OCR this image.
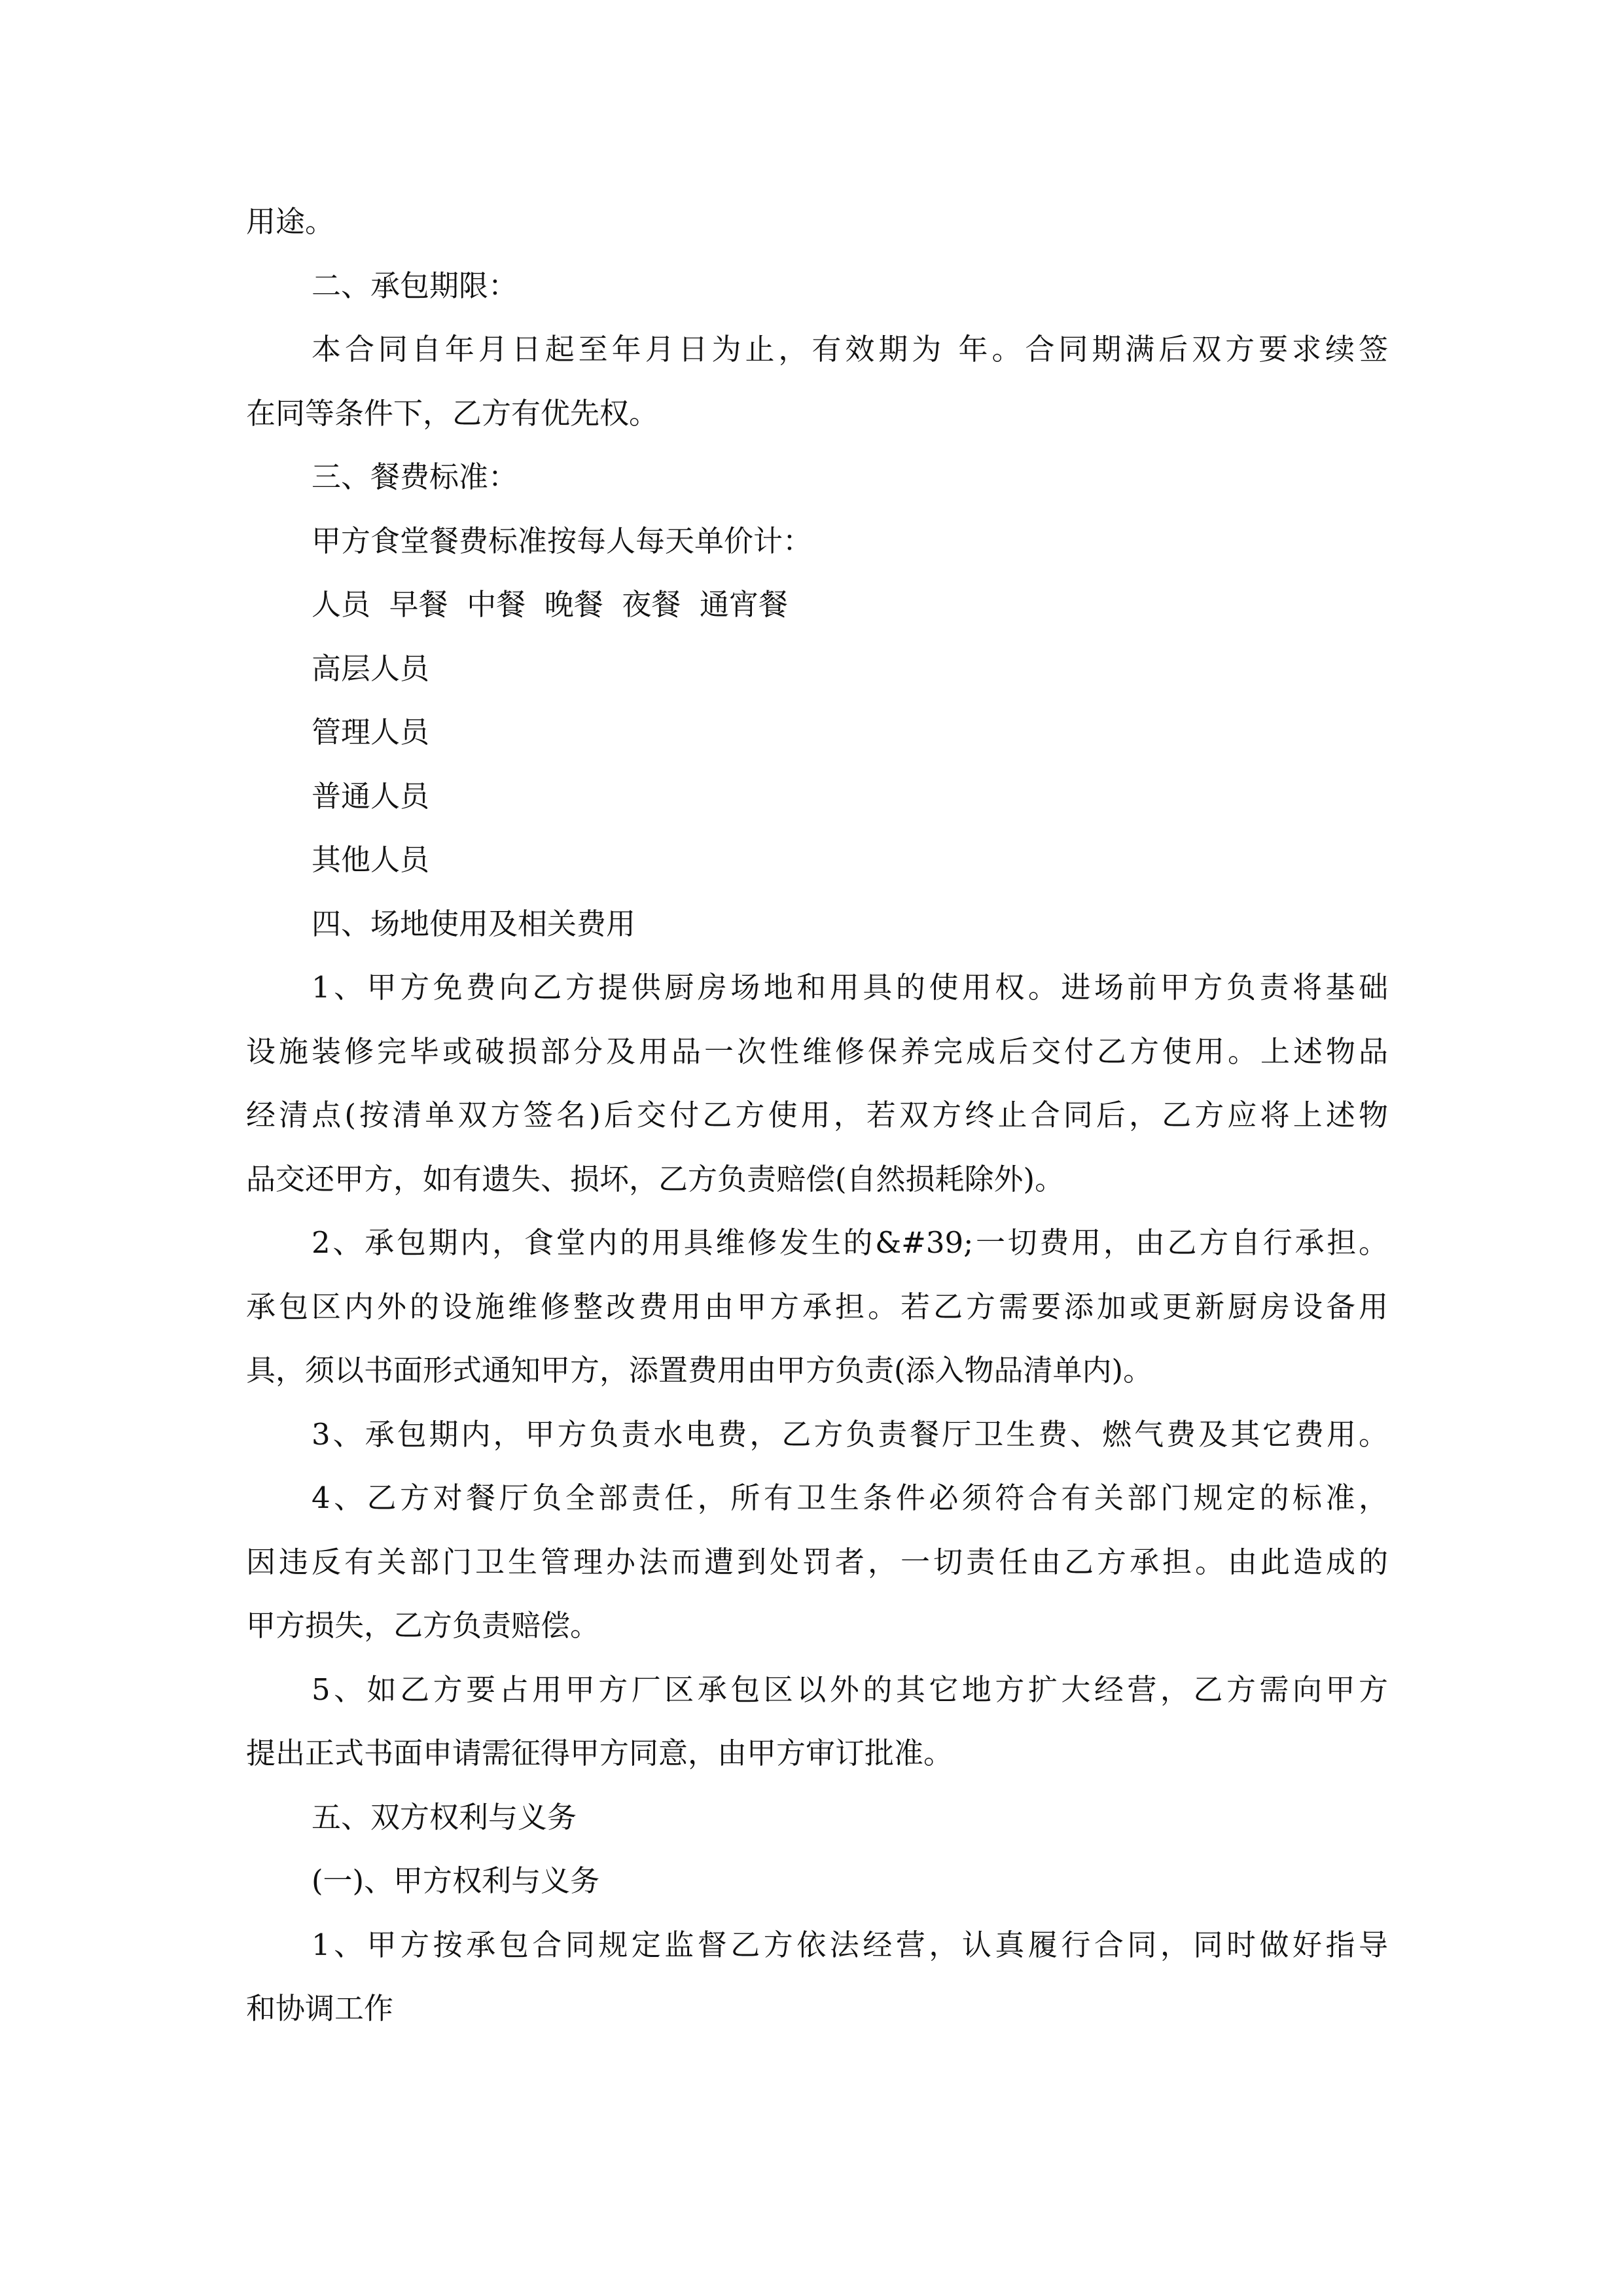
用途。
二、承包期限：
本合同自年月日起至年月日为止，有效期为 年。合同期满后双方要求续签
在同等条件下，乙方有优先权。
三、餐费标准：
甲方食堂餐费标准按每人每天单价计：
人员  早餐  中餐  晚餐  夜餐  通宵餐
高层人员
管理人员
普通人员
其他人员
四、场地使用及相关费用
1、甲方免费向乙方提供厨房场地和用具的使用权。进场前甲方负责将基础
设施装修完毕或破损部分及用品一次性维修保养完成后交付乙方使用。上述物品
经清点(按清单双方签名)后交付乙方使用，若双方终止合同后，乙方应将上述物
品交还甲方，如有遗失、损坏，乙方负责赔偿(自然损耗除外)。
2、承包期内，食堂内的用具维修发生的&#39;一切费用，由乙方自行承担。
承包区内外的设施维修整改费用由甲方承担。若乙方需要添加或更新厨房设备用
具，须以书面形式通知甲方，添置费用由甲方负责(添入物品清单内)。
3、承包期内，甲方负责水电费，乙方负责餐厅卫生费、燃气费及其它费用。
4、乙方对餐厅负全部责任，所有卫生条件必须符合有关部门规定的标准，
因违反有关部门卫生管理办法而遭到处罚者，一切责任由乙方承担。由此造成的
甲方损失，乙方负责赔偿。
5、如乙方要占用甲方厂区承包区以外的其它地方扩大经营，乙方需向甲方
提出正式书面申请需征得甲方同意，由甲方审订批准。
五、双方权利与义务
(一)、甲方权利与义务
1、甲方按承包合同规定监督乙方依法经营，认真履行合同，同时做好指导
和协调工作
